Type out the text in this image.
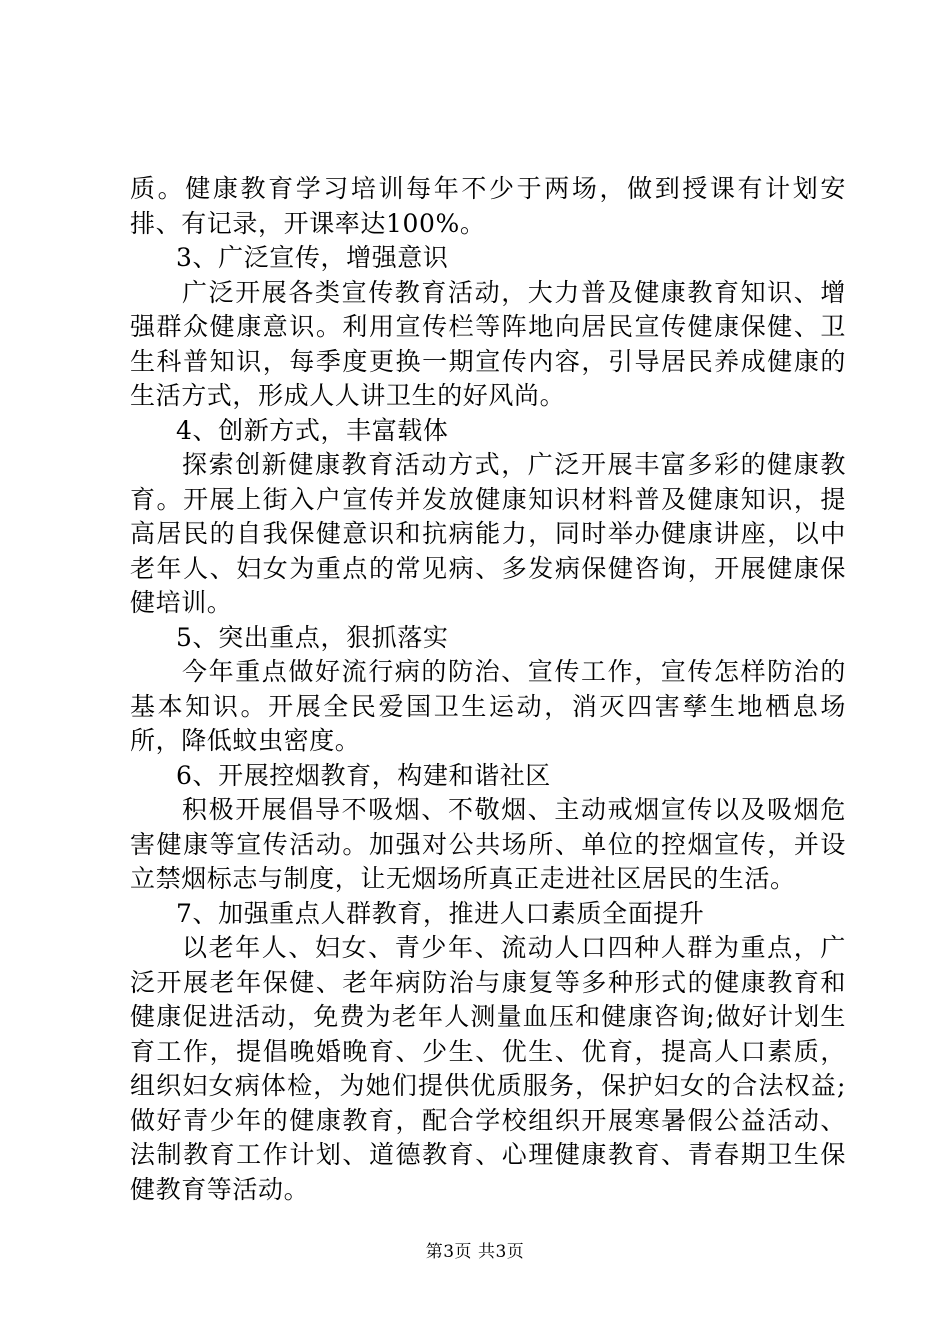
质。健康教育学习培训每年不少于两场，做到授课有计划安排、有记录，开课率达100%。

3、广泛宣传，增强意识

广泛开展各类宣传教育活动，大力普及健康教育知识、增强群众健康意识。利用宣传栏等阵地向居民宣传健康保健、卫生科普知识，每季度更换一期宣传内容，引导居民养成健康的生活方式，形成人人讲卫生的好风尚。

4、创新方式，丰富载体

探索创新健康教育活动方式，广泛开展丰富多彩的健康教育。开展上街入户宣传并发放健康知识材料普及健康知识，提高居民的自我保健意识和抗病能力，同时举办健康讲座，以中老年人、妇女为重点的常见病、多发病保健咨询，开展健康保健培训。

5、突出重点，狠抓落实

今年重点做好流行病的防治、宣传工作，宣传怎样防治的基本知识。开展全民爱国卫生运动，消灭四害孳生地栖息场所，降低蚊虫密度。

6、开展控烟教育，构建和谐社区

积极开展倡导不吸烟、不敬烟、主动戒烟宣传以及吸烟危害健康等宣传活动。加强对公共场所、单位的控烟宣传，并设立禁烟标志与制度，让无烟场所真正走进社区居民的生活。

7、加强重点人群教育，推进人口素质全面提升

以老年人、妇女、青少年、流动人口四种人群为重点，广泛开展老年保健、老年病防治与康复等多种形式的健康教育和健康促进活动，免费为老年人测量血压和健康咨询;做好计划生育工作，提倡晚婚晚育、少生、优生、优育，提高人口素质，组织妇女病体检，为她们提供优质服务，保护妇女的合法权益;做好青少年的健康教育，配合学校组织开展寒暑假公益活动、法制教育工作计划、道德教育、心理健康教育、青春期卫生保健教育等活动。

第3页 共3页
